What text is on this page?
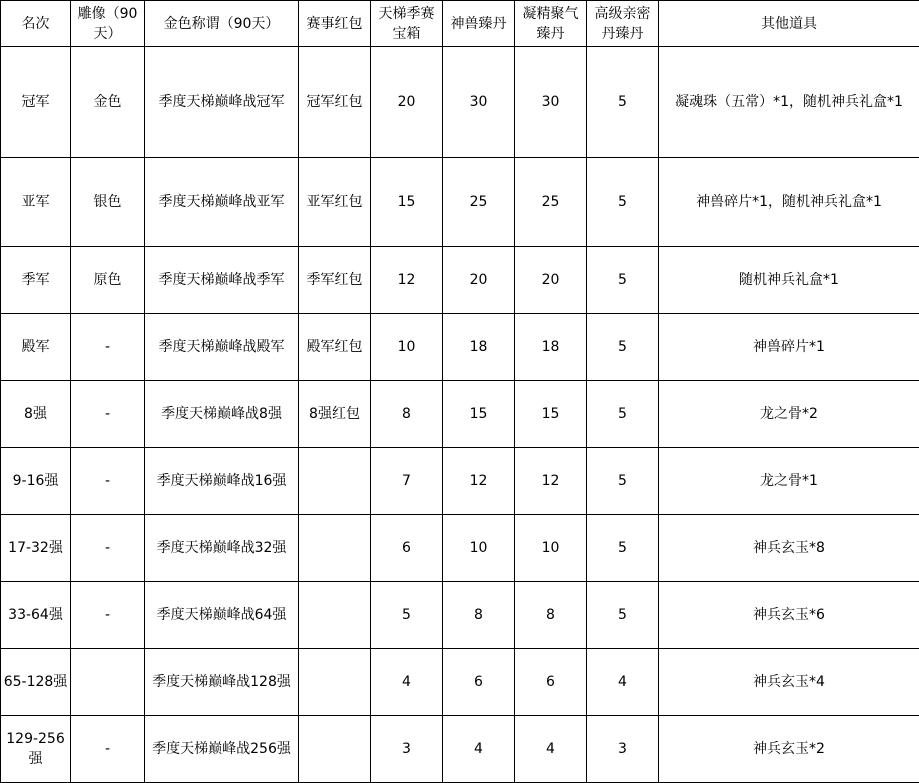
名次	雕像（90天）	金色称谓（90天）	赛事红包	天梯季赛宝箱	神兽臻丹	凝精聚气臻丹	高级亲密丹臻丹	其他道具
冠军	金色	季度天梯巅峰战冠军	冠军红包	20	30	30	5	凝魂珠（五常）*1，随机神兵礼盒*1
亚军	银色	季度天梯巅峰战亚军	亚军红包	15	25	25	5	神兽碎片*1，随机神兵礼盒*1
季军	原色	季度天梯巅峰战季军	季军红包	12	20	20	5	随机神兵礼盒*1
殿军	-	季度天梯巅峰战殿军	殿军红包	10	18	18	5	神兽碎片*1
8强	-	季度天梯巅峰战8强	8强红包	8	15	15	5	龙之骨*2
9-16强	-	季度天梯巅峰战16强		7	12	12	5	龙之骨*1
17-32强	-	季度天梯巅峰战32强		6	10	10	5	神兵玄玉*8
33-64强	-	季度天梯巅峰战64强		5	8	8	5	神兵玄玉*6
65-128强		季度天梯巅峰战128强		4	6	6	4	神兵玄玉*4
129-256强	-	季度天梯巅峰战256强		3	4	4	3	神兵玄玉*2
